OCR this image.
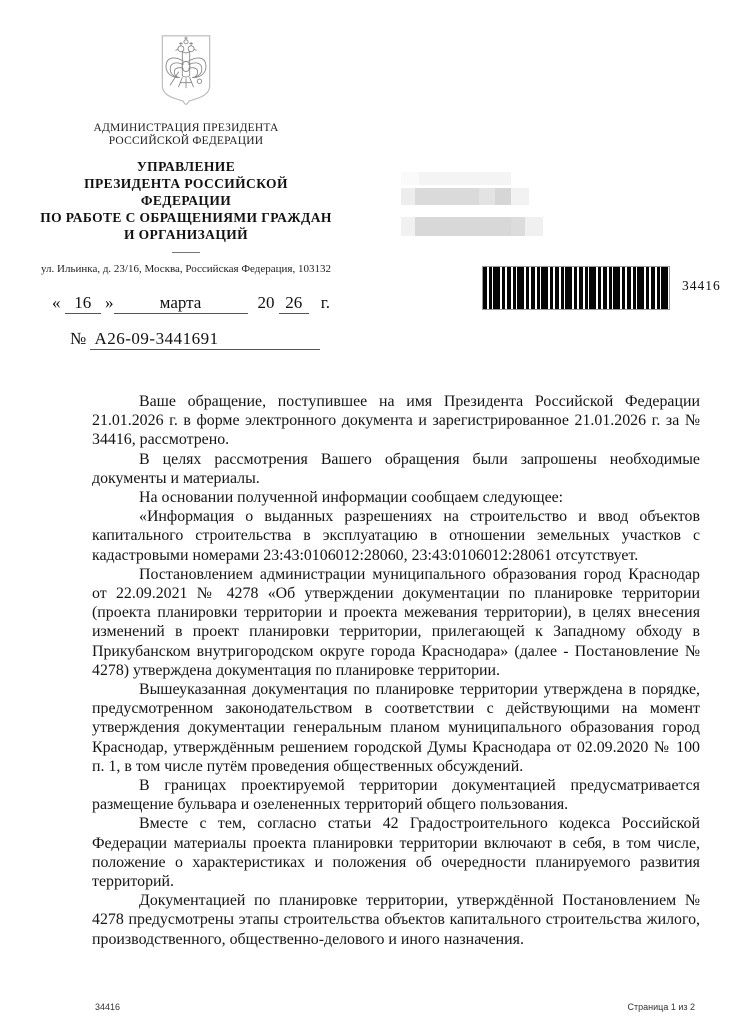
АДМИНИСТРАЦИЯ ПРЕЗИДЕНТА
РОССИЙСКОЙ ФЕДЕРАЦИИ
УПРАВЛЕНИЕ
ПРЕЗИДЕНТА РОССИЙСКОЙ ФЕДЕРАЦИИ
ПО РАБОТЕ С ОБРАЩЕНИЯМИ ГРАЖДАН
И ОРГАНИЗАЦИЙ
ул. Ильинка, д. 23/16, Москва, Российская Федерация, 103132
34416
« 16 »	марта	20 26 г.
№ А26-09-3441691

Ваше обращение, поступившее на имя Президента Российской Федерации 21.01.2026 г. в форме электронного документа и зарегистрированное 21.01.2026 г. за № 34416, рассмотрено.

В целях рассмотрения Вашего обращения были запрошены необходимые документы и материалы.

На основании полученной информации сообщаем следующее:

«Информация о выданных разрешениях на строительство и ввод объектов капитального строительства в эксплуатацию в отношении земельных участков с кадастровыми номерами 23:43:0106012:28060, 23:43:0106012:28061 отсутствует.

Постановлением администрации муниципального образования город Краснодар от 22.09.2021 № 4278 «Об утверждении документации по планировке территории (проекта планировки территории и проекта межевания территории), в целях внесения изменений в проект планировки территории, прилегающей к Западному обходу в Прикубанском внутригородском округе города Краснодара» (далее - Постановление № 4278) утверждена документация по планировке территории.

Вышеуказанная документация по планировке территории утверждена в порядке, предусмотренном законодательством в соответствии с действующими на момент утверждения документации генеральным планом муниципального образования город Краснодар, утверждённым решением городской Думы Краснодара от 02.09.2020 № 100 п. 1, в том числе путём проведения общественных обсуждений.

В границах проектируемой территории документацией предусматривается размещение бульвара и озелененных территорий общего пользования.

Вместе с тем, согласно статьи 42 Градостроительного кодекса Российской Федерации материалы проекта планировки территории включают в себя, в том числе, положение о характеристиках и положения об очередности планируемого развития территорий.

Документацией по планировке территории, утверждённой Постановлением № 4278 предусмотрены этапы строительства объектов капитального строительства жилого, производственного, общественно-делового и иного назначения.

34416	Страница 1 из 2
